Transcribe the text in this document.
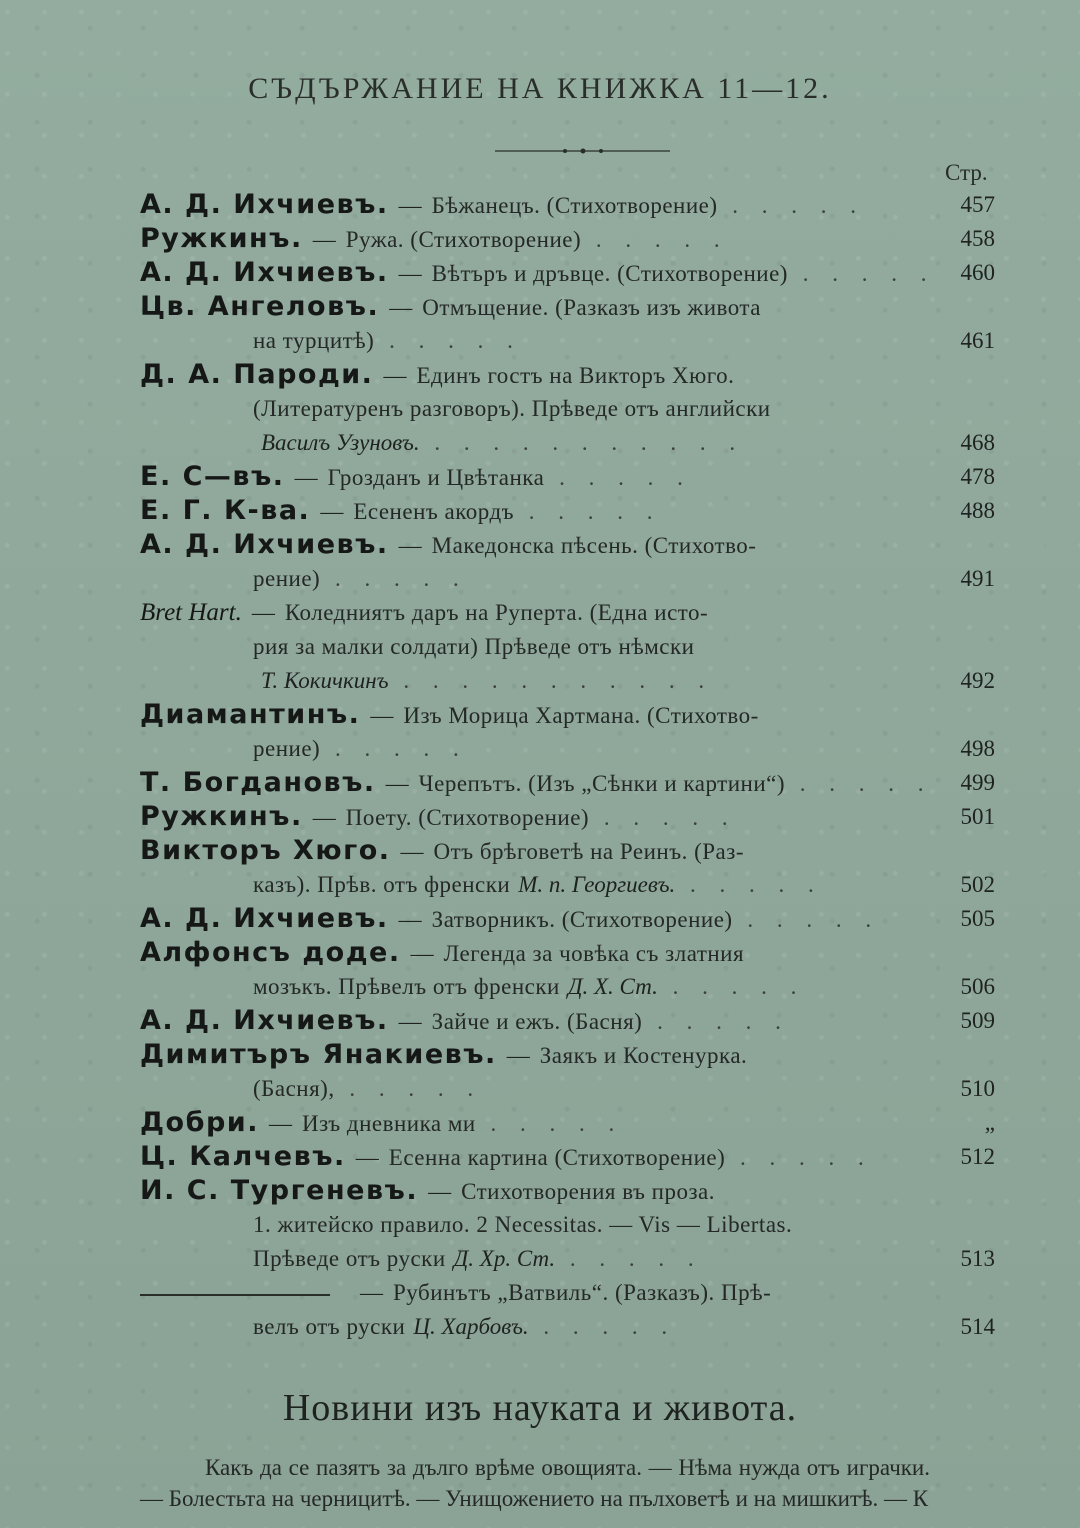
СЪДЪРЖАНИЕ НА КНИЖКА 11—12.
Стр.
А. Д. Ихчиевъ. — Бѣжанецъ. (Стихотворение) . . . . .	457
Ружкинъ. — Ружа. (Стихотворение) . . . . .	458
А. Д. Ихчиевъ. — Вѣтъръ и дръвце. (Стихотворение) . . . . . 460
Цв. Ангеловъ. — Отмъщение. (Разказъ изъ живота
на турцитѣ) . . . . .	461
Д. А. Пароди. — Единъ гостъ на Викторъ Хюго.
(Литературенъ разговоръ). Прѣведе отъ английски
Василъ Узуновъ. . . . . . . . . . . .	468
Е. С—въ. — Грозданъ и Цвѣтанка . . . . .	478
Е. Г. К-ва. — Есененъ акордъ . . . . .	488
А. Д. Ихчиевъ. — Македонска пѣсень. (Стихотво-
рение) . . . . .	491
Bret Hart. — Коледниятъ даръ на Руперта. (Една исто-
рия за малки солдати) Прѣведе отъ нѣмски
Т. Кокичкинъ . . . . . . . . . . .	492
Диамантинъ. — Изъ Морица Хартмана. (Стихотво-
рение) . . . . .	498
Т. Богдановъ. — Черепътъ. (Изъ „Сѣнки и картини“) . . . . . 499
Ружкинъ. — Поету. (Стихотворение) . . . . .	501
Викторъ Хюго. — Отъ брѣговетѣ на Реинъ. (Раз-
казъ). Прѣв. отъ френски М. п. Георгиевъ. . . . . .	502
А. Д. Ихчиевъ. — Затворникъ. (Стихотворение) . . . . .	505
Алфонсъ доде. — Легенда за човѣка съ златния
мозъкъ. Прѣвелъ отъ френски Д. Х. Ст. . . . . .	506
А. Д. Ихчиевъ. — Зайче и ежъ. (Басня) . . . . .	509
Димитъръ Янакиевъ. — Заякъ и Костенурка.
(Басня), . . . . .	510
Добри. — Изъ дневника ми . . . . .	„
Ц. Калчевъ. — Есенна картина (Стихотворение) . . . . .	512
И. С. Тургеневъ. — Стихотворения въ проза.
1. житейско правило. 2 Necessitas. — Vis — Libertas.
Прѣведе отъ руски Д. Хр. Ст. . . . . .	513
— Рубинътъ „Ватвиль“. (Разказъ). Прѣ-
велъ отъ руски Ц. Харбовъ. . . . . .	514
Новини изъ науката и живота.
Какъ да се пазятъ за дълго врѣме овощията. — Нѣма нужда отъ играчки. — Болестьта на черницитѣ. — Унищожението на пълховетѣ и на мишкитѣ. — К
